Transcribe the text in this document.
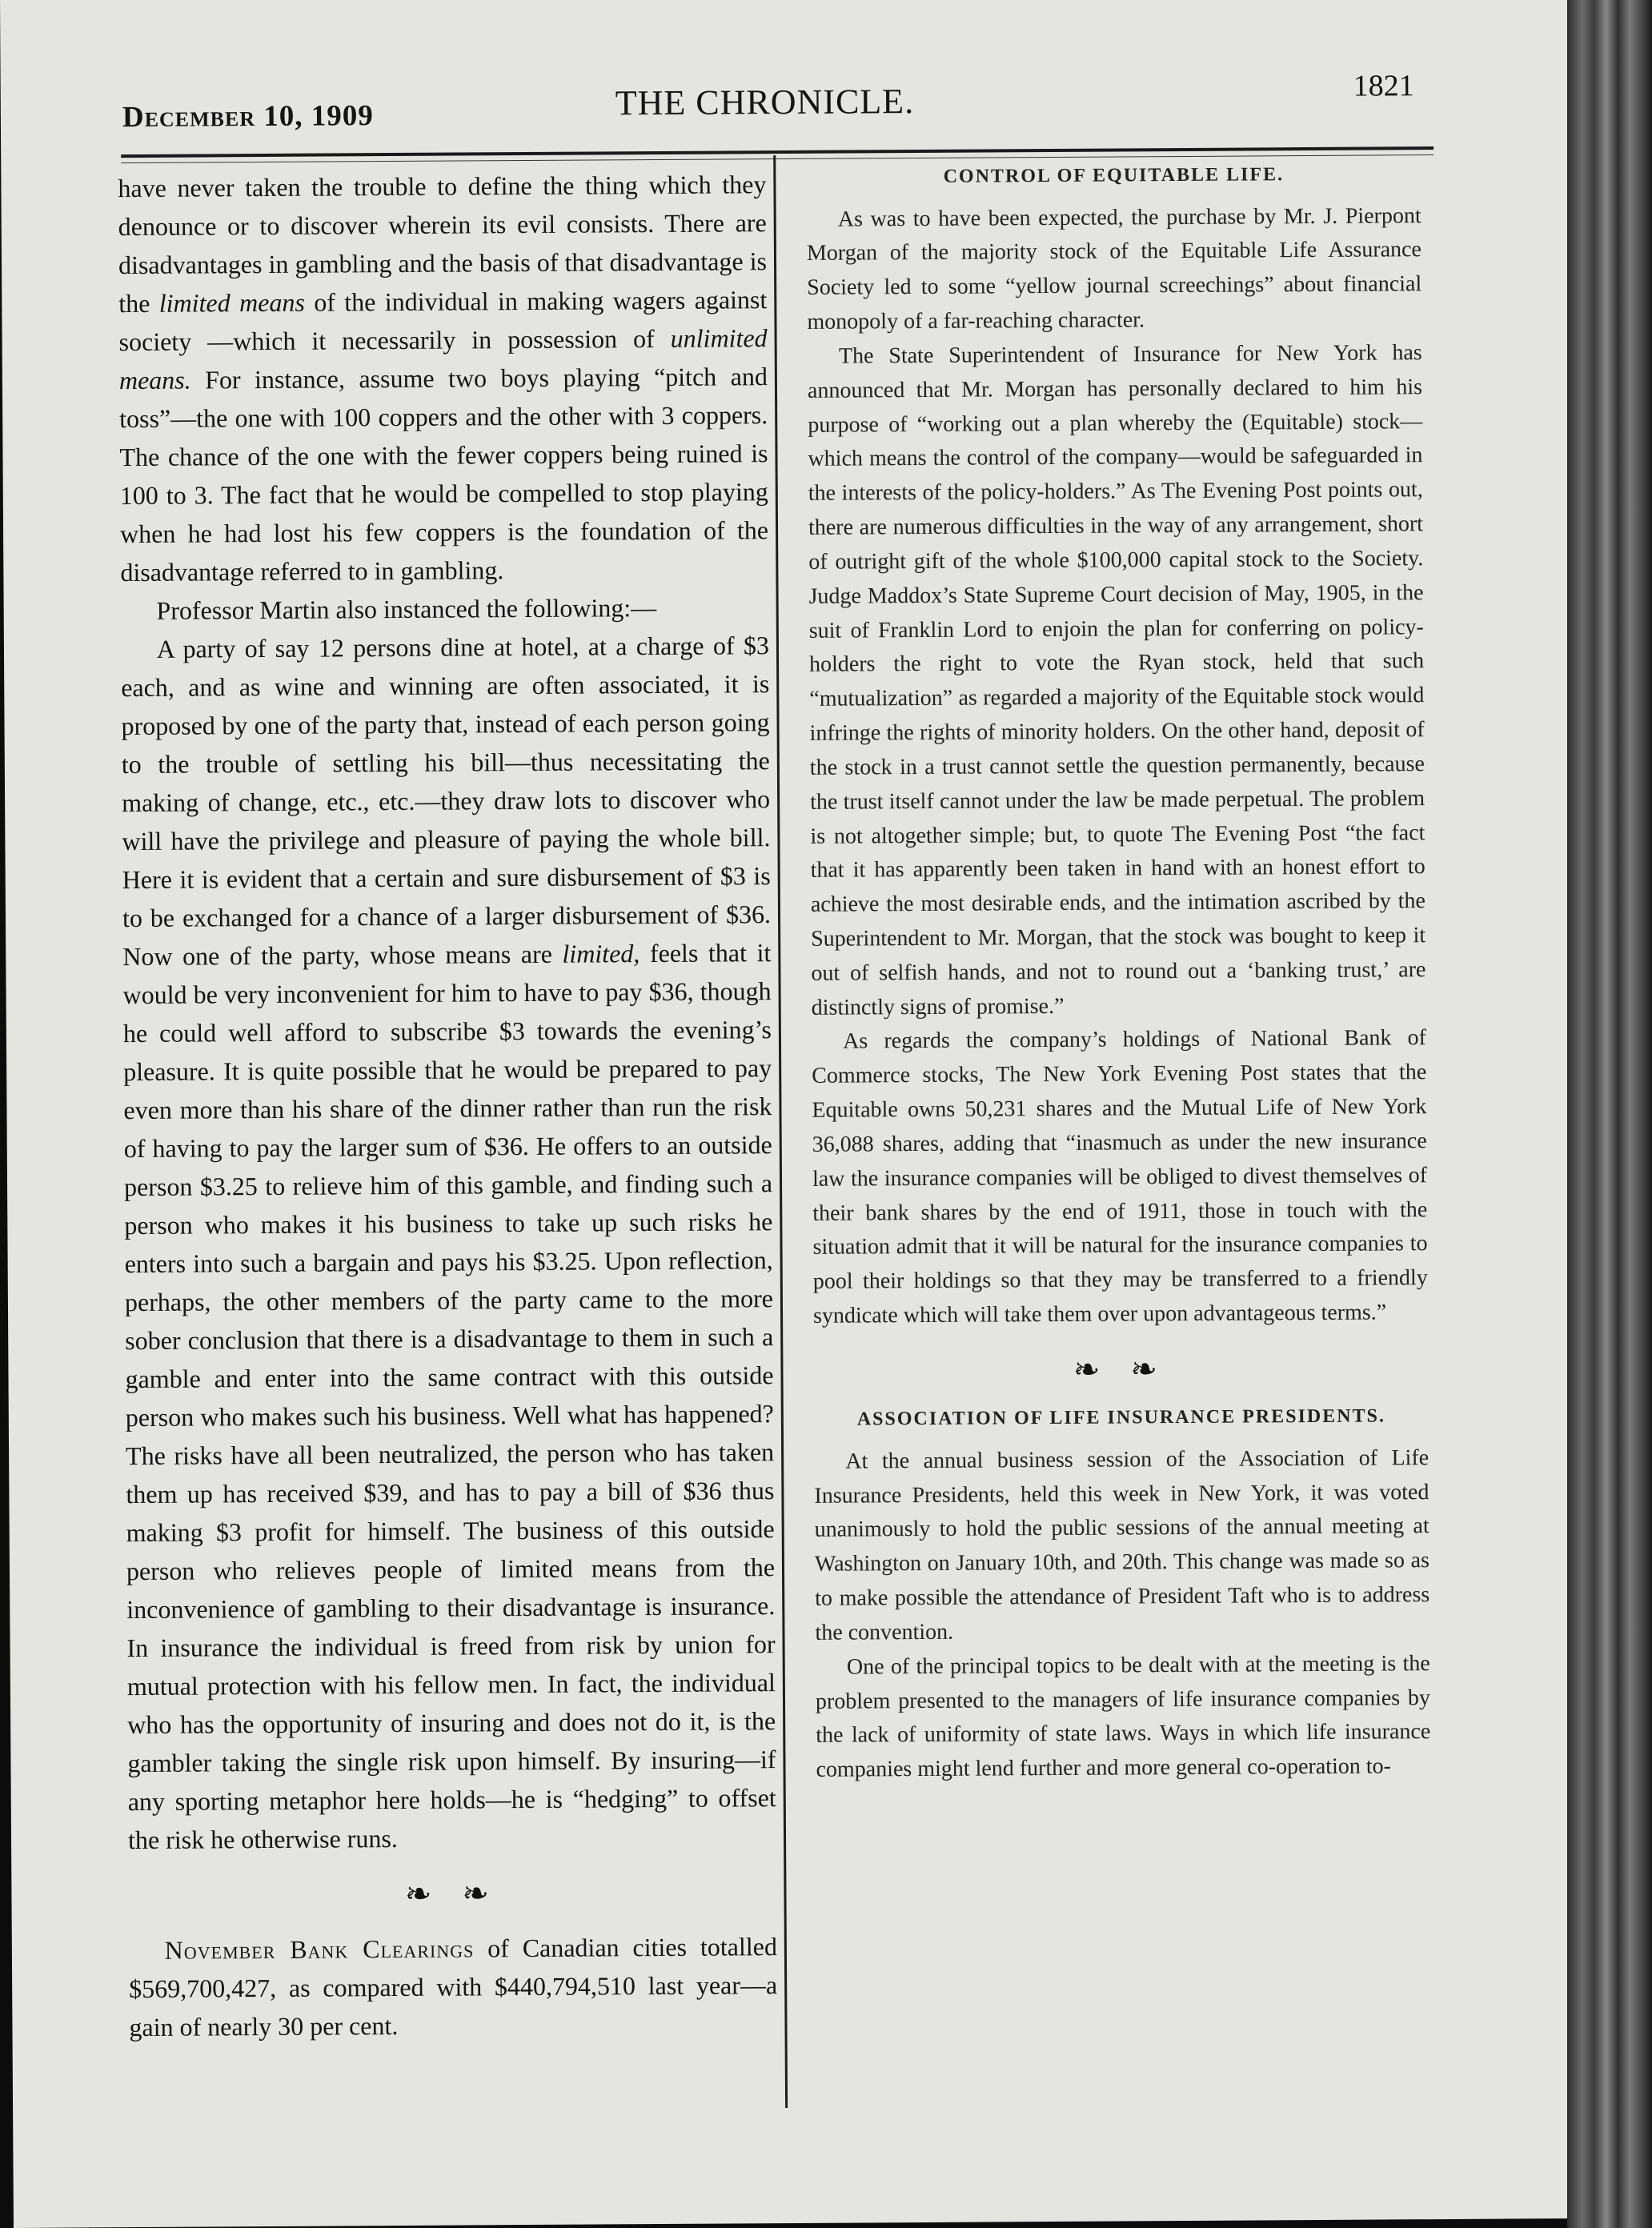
December 10, 1909	THE CHRONICLE.	1821

have never taken the trouble to define the thing which they denounce or to discover wherein its evil consists. There are disadvantages in gambling and the basis of that disadvantage is the limited means of the individual in making wagers against society —which it necessarily in possession of unlimited means. For instance, assume two boys playing “pitch and toss”—the one with 100 coppers and the other with 3 coppers. The chance of the one with the fewer coppers being ruined is 100 to 3. The fact that he would be compelled to stop playing when he had lost his few coppers is the foundation of the disadvantage referred to in gambling.

Professor Martin also instanced the following:—

A party of say 12 persons dine at hotel, at a charge of $3 each, and as wine and winning are often associated, it is proposed by one of the party that, instead of each person going to the trouble of settling his bill—thus necessitating the making of change, etc., etc.—they draw lots to discover who will have the privilege and pleasure of paying the whole bill. Here it is evident that a certain and sure disbursement of $3 is to be exchanged for a chance of a larger disbursement of $36. Now one of the party, whose means are limited, feels that it would be very inconvenient for him to have to pay $36, though he could well afford to subscribe $3 towards the evening’s pleasure. It is quite possible that he would be prepared to pay even more than his share of the dinner rather than run the risk of having to pay the larger sum of $36. He offers to an outside person $3.25 to relieve him of this gamble, and finding such a person who makes it his business to take up such risks he enters into such a bargain and pays his $3.25. Upon reflection, perhaps, the other members of the party came to the more sober conclusion that there is a disadvantage to them in such a gamble and enter into the same contract with this outside person who makes such his business. Well what has happened? The risks have all been neutralized, the person who has taken them up has received $39, and has to pay a bill of $36 thus making $3 profit for himself. The business of this outside person who relieves people of limited means from the inconvenience of gambling to their disadvantage is insurance. In insurance the individual is freed from risk by union for mutual protection with his fellow men. In fact, the individual who has the opportunity of insuring and does not do it, is the gambler taking the single risk upon himself. By insuring—if any sporting metaphor here holds—he is “hedging” to offset the risk he otherwise runs.

❧ ❧

November Bank Clearings of Canadian cities totalled $569,700,427, as compared with $440,794,510 last year—a gain of nearly 30 per cent.

CONTROL OF EQUITABLE LIFE.

As was to have been expected, the purchase by Mr. J. Pierpont Morgan of the majority stock of the Equitable Life Assurance Society led to some “yellow journal screechings” about financial monopoly of a far-reaching character.

The State Superintendent of Insurance for New York has announced that Mr. Morgan has personally declared to him his purpose of “working out a plan whereby the (Equitable) stock—which means the control of the company—would be safeguarded in the interests of the policy-holders.” As The Evening Post points out, there are numerous difficulties in the way of any arrangement, short of outright gift of the whole $100,000 capital stock to the Society. Judge Maddox’s State Supreme Court decision of May, 1905, in the suit of Franklin Lord to enjoin the plan for conferring on policy-holders the right to vote the Ryan stock, held that such “mutualization” as regarded a majority of the Equitable stock would infringe the rights of minority holders. On the other hand, deposit of the stock in a trust cannot settle the question permanently, because the trust itself cannot under the law be made perpetual. The problem is not altogether simple; but, to quote The Evening Post “the fact that it has apparently been taken in hand with an honest effort to achieve the most desirable ends, and the intimation ascribed by the Superintendent to Mr. Morgan, that the stock was bought to keep it out of selfish hands, and not to round out a ‘banking trust,’ are distinctly signs of promise.”

As regards the company’s holdings of National Bank of Commerce stocks, The New York Evening Post states that the Equitable owns 50,231 shares and the Mutual Life of New York 36,088 shares, adding that “inasmuch as under the new insurance law the insurance companies will be obliged to divest themselves of their bank shares by the end of 1911, those in touch with the situation admit that it will be natural for the insurance companies to pool their holdings so that they may be transferred to a friendly syndicate which will take them over upon advantageous terms.”

❧ ❧
ASSOCIATION OF LIFE INSURANCE PRESIDENTS.

At the annual business session of the Association of Life Insurance Presidents, held this week in New York, it was voted unanimously to hold the public sessions of the annual meeting at Washington on January 10th, and 20th. This change was made so as to make possible the attendance of President Taft who is to address the convention.

One of the principal topics to be dealt with at the meeting is the problem presented to the managers of life insurance companies by the lack of uniformity of state laws. Ways in which life insurance companies might lend further and more general co-operation to-
